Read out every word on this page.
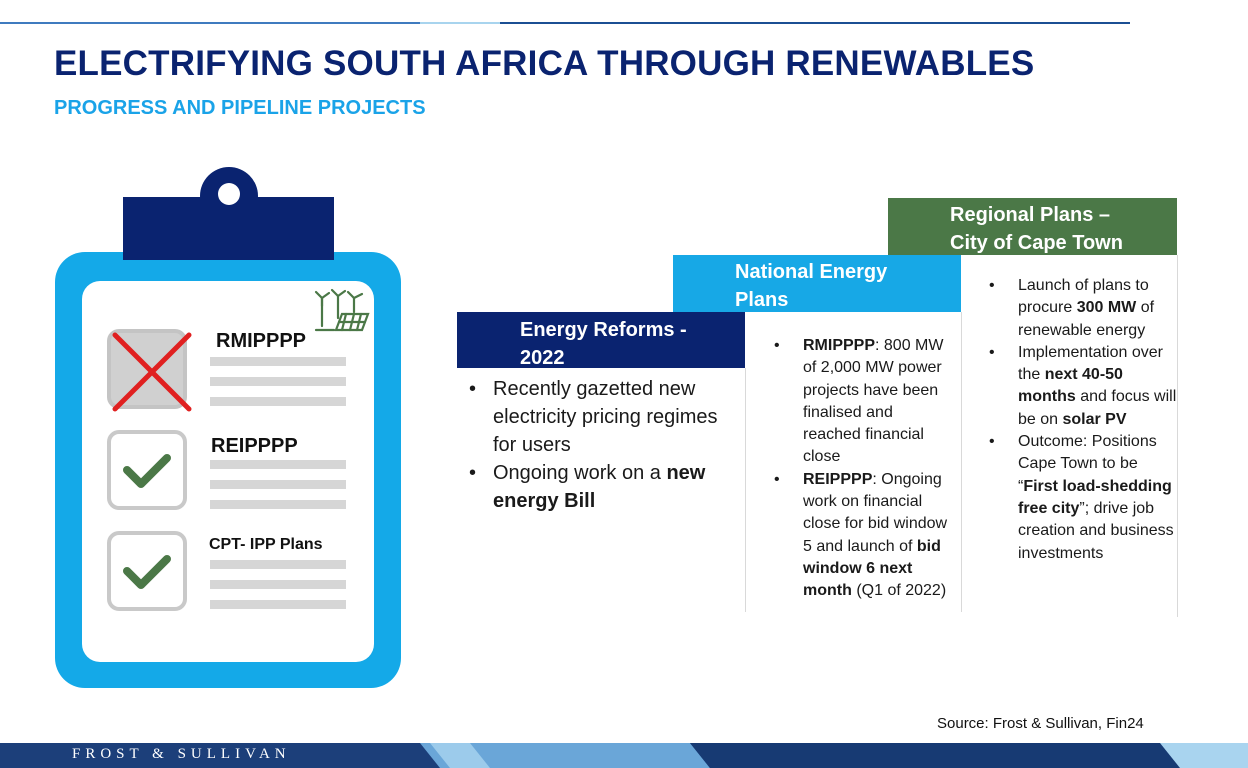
ELECTRIFYING SOUTH AFRICA THROUGH RENEWABLES
PROGRESS AND PIPELINE PROJECTS
RMIPPPP
REIPPPP
CPT- IPP Plans
Regional Plans –
City of Cape Town
National Energy
Plans
Energy Reforms -
2022
• Recently gazetted new electricity pricing regimes for users
• Ongoing work on a new energy Bill
• RMIPPPP: 800 MW of 2,000 MW power projects have been finalised and reached financial close
• REIPPPP: Ongoing work on financial close for bid window 5 and launch of bid window 6 next month (Q1 of 2022)
• Launch of plans to procure 300 MW of renewable energy
• Implementation over the next 40-50 months and focus will be on solar PV
• Outcome: Positions Cape Town to be “First load-shedding free city”; drive job creation and business investments
Source: Frost & Sullivan, Fin24
FROST & SULLIVAN
